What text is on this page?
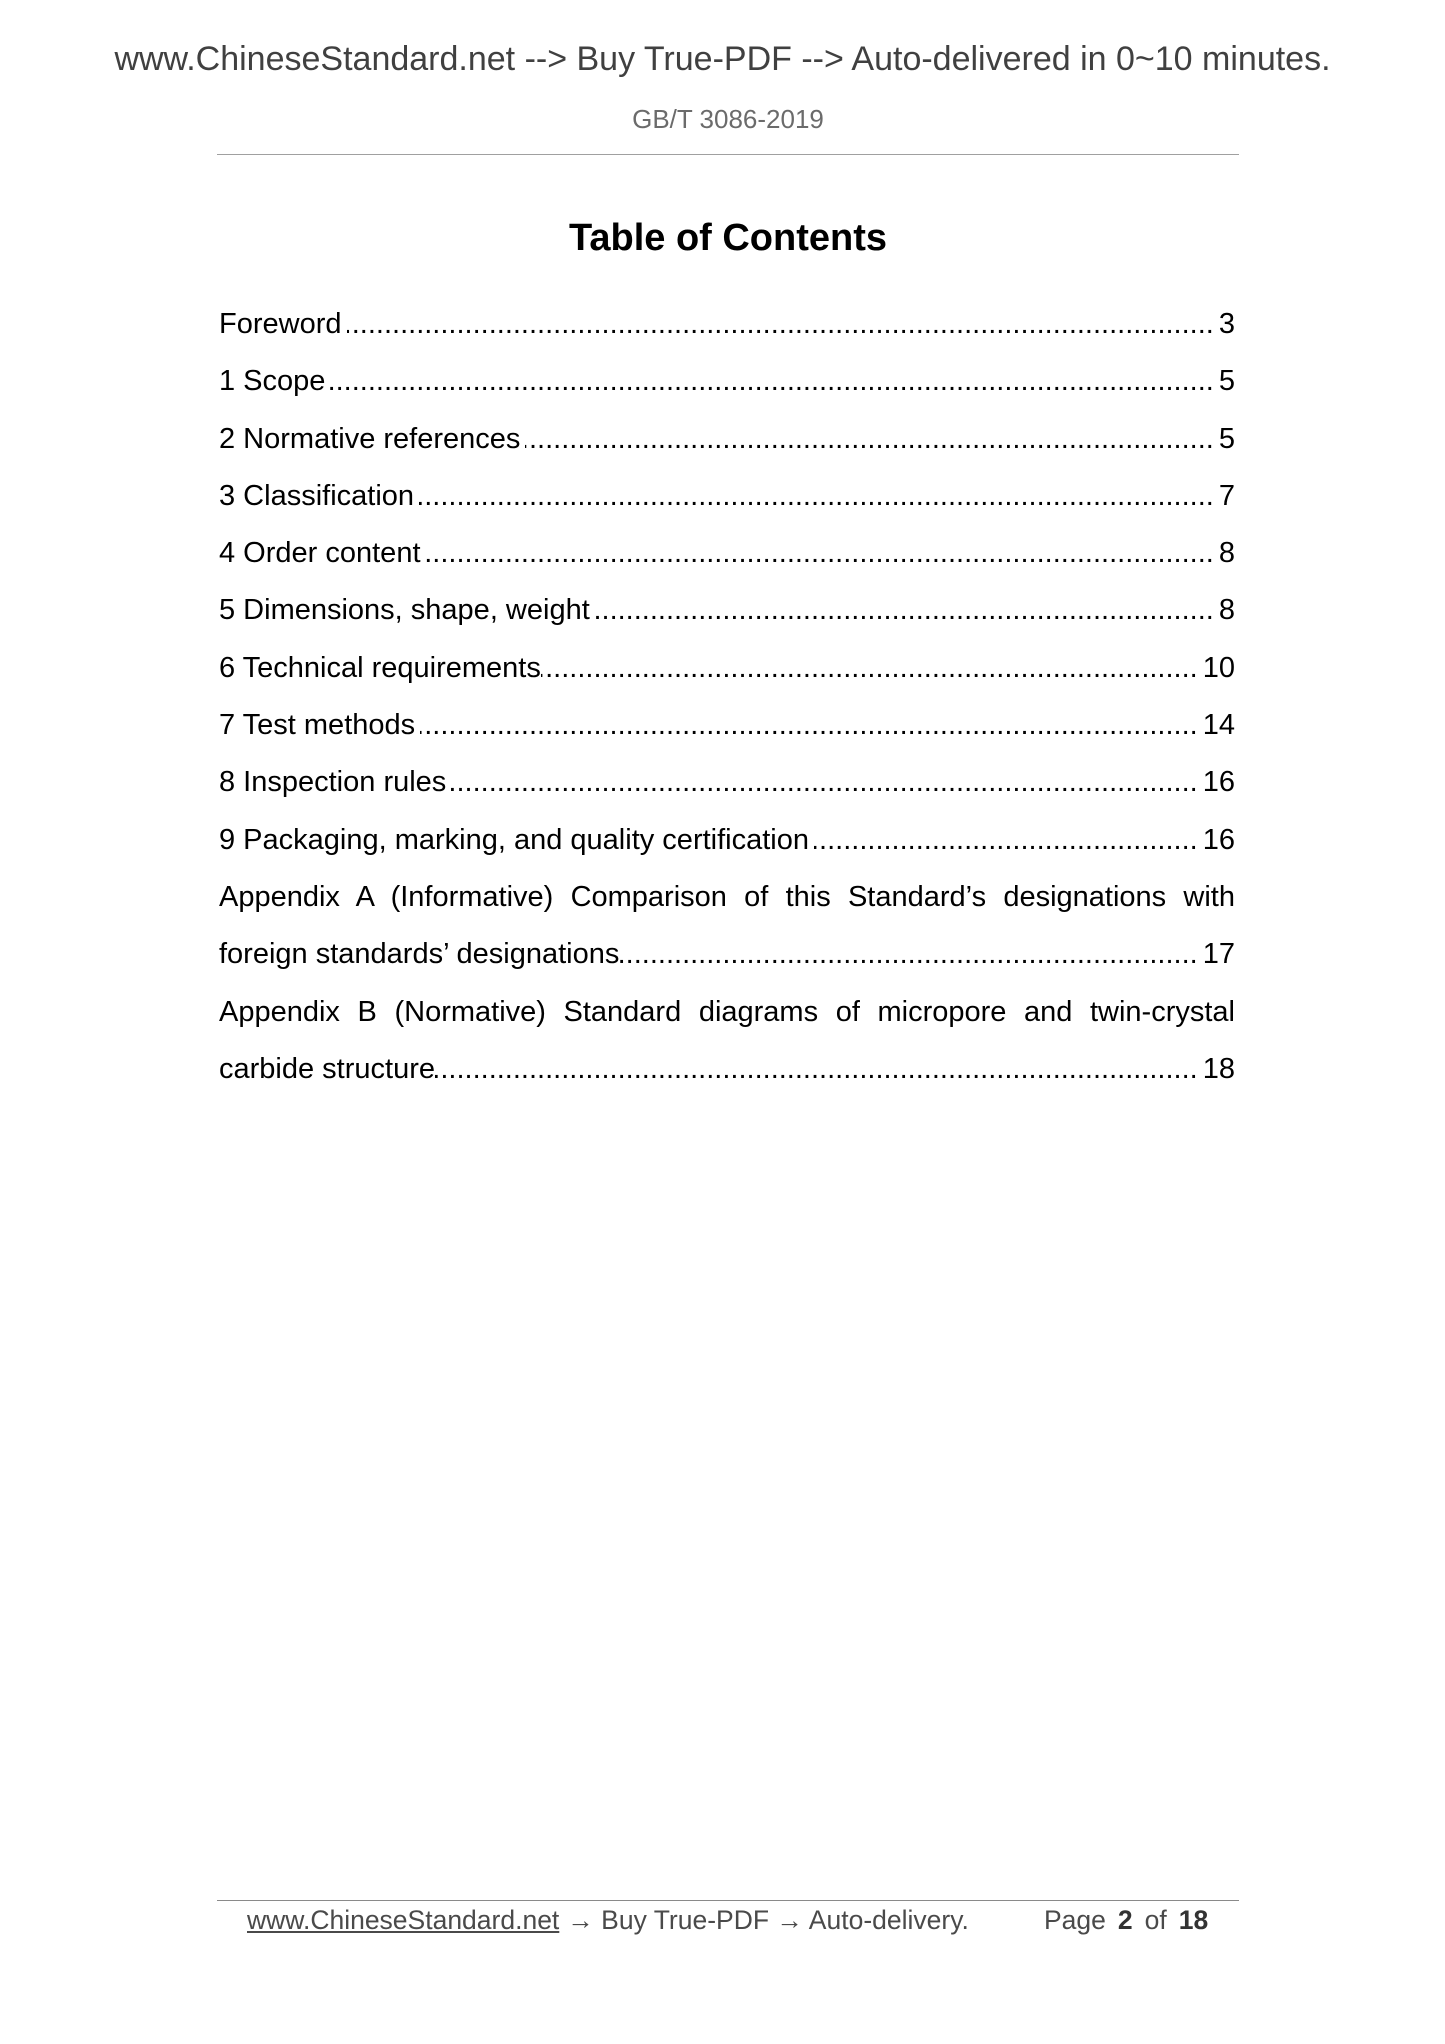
www.ChineseStandard.net --> Buy True-PDF --> Auto-delivered in 0~10 minutes.
GB/T 3086-2019
Table of Contents
Foreword .....	3
1 Scope .....	5
2 Normative references .....	5
3 Classification .....	7
4 Order content .....	8
5 Dimensions, shape, weight .....	8
6 Technical requirements .....	10
7 Test methods .....	14
8 Inspection rules .....	16
9 Packaging, marking, and quality certification .....	16
Appendix A (Informative) Comparison of this Standard’s designations with
foreign standards’ designations .....	17
Appendix B (Normative) Standard diagrams of micropore and twin-crystal
carbide structure .....	18
www.ChineseStandard.net → Buy True-PDF → Auto-delivery.	Page 2 of 18
